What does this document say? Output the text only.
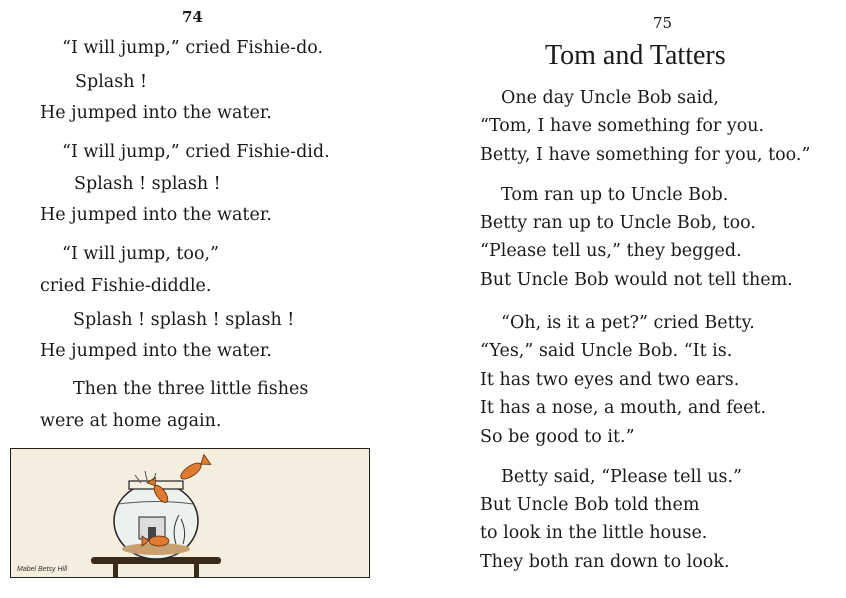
74
“I will jump,” cried Fishie-do.
Splash !
He jumped into the water.
“I will jump,” cried Fishie-did.
Splash ! splash !
He jumped into the water.
“I will jump, too,”
cried Fishie-diddle.
Splash ! splash ! splash !
He jumped into the water.
Then the three little fishes
were at home again.
Mabel Betsy Hill
75
Tom and Tatters
One day Uncle Bob said,
“Tom, I have something for you.
Betty, I have something for you, too.”
Tom ran up to Uncle Bob.
Betty ran up to Uncle Bob, too.
“Please tell us,” they begged.
But Uncle Bob would not tell them.
“Oh, is it a pet?” cried Betty.
“Yes,” said Uncle Bob. “It is.
It has two eyes and two ears.
It has a nose, a mouth, and feet.
So be good to it.”
Betty said, “Please tell us.”
But Uncle Bob told them
to look in the little house.
They both ran down to look.
